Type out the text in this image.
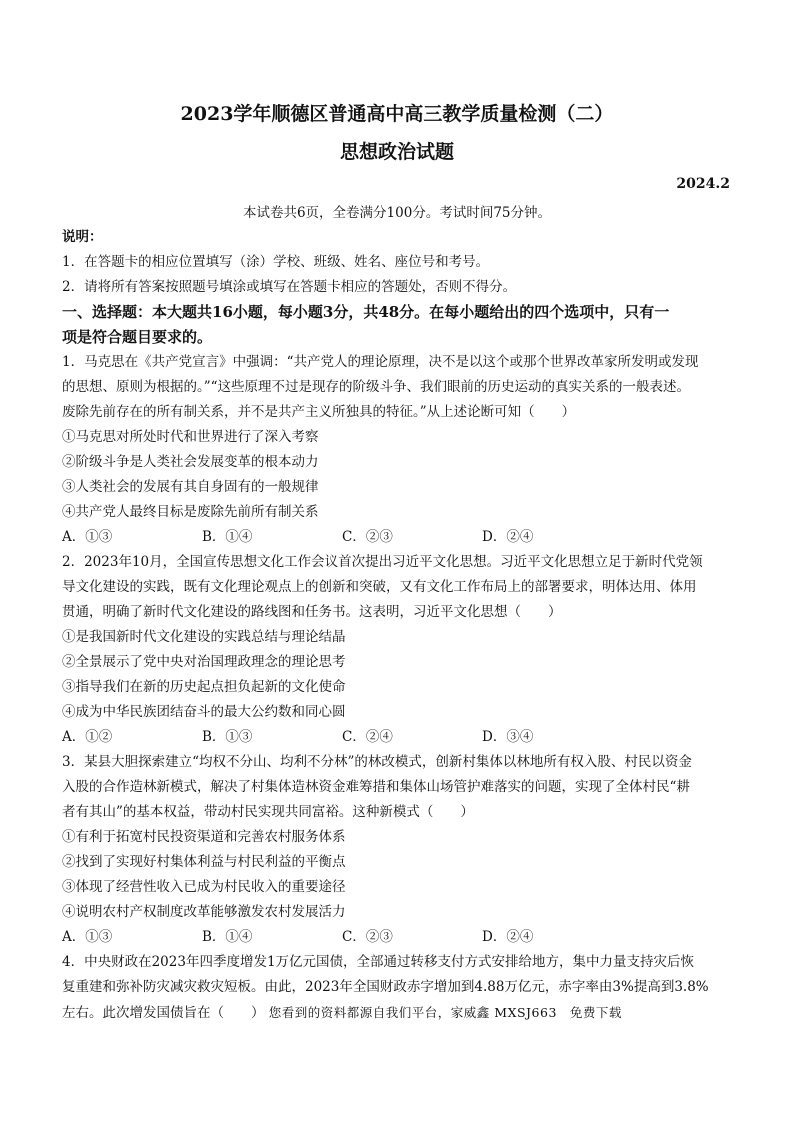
2023学年顺德区普通高中高三教学质量检测（二）
思想政治试题
2024.2
本试卷共6页，全卷满分100分。考试时间75分钟。
说明：
1．在答题卡的相应位置填写（涂）学校、班级、姓名、座位号和考号。
2．请将所有答案按照题号填涂或填写在答题卡相应的答题处，否则不得分。
一、选择题：本大题共16小题，每小题3分，共48分。在每小题给出的四个选项中，只有一
项是符合题目要求的。
1．马克思在《共产党宣言》中强调：“共产党人的理论原理，决不是以这个或那个世界改革家所发明或发现
的思想、原则为根据的。”“这些原理不过是现存的阶级斗争、我们眼前的历史运动的真实关系的一般表述。
废除先前存在的所有制关系，并不是共产主义所独具的特征。”从上述论断可知（　　）
①马克思对所处时代和世界进行了深入考察
②阶级斗争是人类社会发展变革的根本动力
③人类社会的发展有其自身固有的一般规律
④共产党人最终目标是废除先前所有制关系
A．①③	B．①④	C．②③	D．②④
2．2023年10月，全国宣传思想文化工作会议首次提出习近平文化思想。习近平文化思想立足于新时代党领
导文化建设的实践，既有文化理论观点上的创新和突破，又有文化工作布局上的部署要求，明体达用、体用
贯通，明确了新时代文化建设的路线图和任务书。这表明，习近平文化思想（　　）
①是我国新时代文化建设的实践总结与理论结晶
②全景展示了党中央对治国理政理念的理论思考
③指导我们在新的历史起点担负起新的文化使命
④成为中华民族团结奋斗的最大公约数和同心圆
A．①②	B．①③	C．②④	D．③④
3．某县大胆探索建立“均权不分山、均利不分林”的林改模式，创新村集体以林地所有权入股、村民以资金
入股的合作造林新模式，解决了村集体造林资金难筹措和集体山场管护难落实的问题，实现了全体村民“耕
者有其山”的基本权益，带动村民实现共同富裕。这种新模式（　　）
①有利于拓宽村民投资渠道和完善农村服务体系
②找到了实现好村集体利益与村民利益的平衡点
③体现了经营性收入已成为村民收入的重要途径
④说明农村产权制度改革能够激发农村发展活力
A．①③	B．①④	C．②③	D．②④
4．中央财政在2023年四季度增发1万亿元国债，全部通过转移支付方式安排给地方，集中力量支持灾后恢
复重建和弥补防灾减灾救灾短板。由此，2023年全国财政赤字增加到4.88万亿元，赤字率由3%提高到3.8%
左右。此次增发国债旨在（　　） 您看到的资料都源自我们平台，家威鑫 MXSJ663　免费下载
